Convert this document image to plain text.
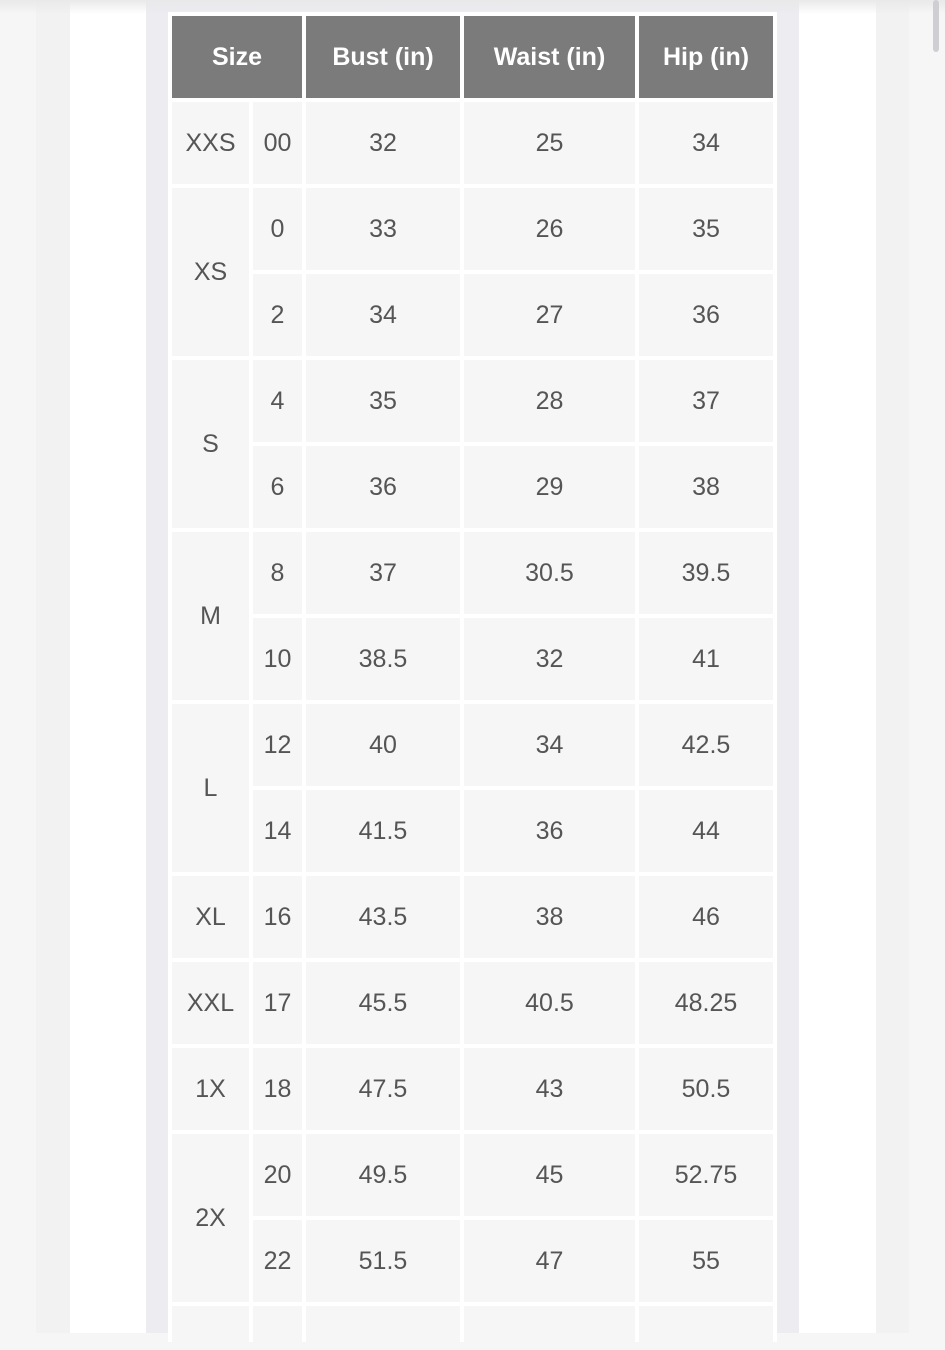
Size		Bust (in)	Waist (in)	Hip (in)
XXS	00	32	25	34
XS	0	33	26	35
	2	34	27	36
S	4	35	28	37
	6	36	29	38
M	8	37	30.5	39.5
	10	38.5	32	41
L	12	40	34	42.5
	14	41.5	36	44
XL	16	43.5	38	46
XXL	17	45.5	40.5	48.25
1X	18	47.5	43	50.5
2X	20	49.5	45	52.75
	22	51.5	47	55
